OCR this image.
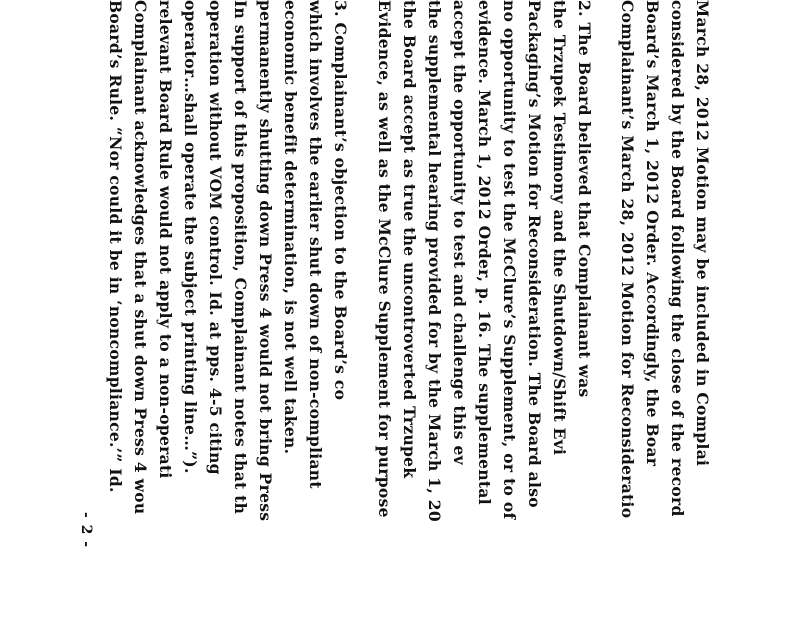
March 28, 2012 Motion may be included in Complai
considered by the Board following the close of the record
Board’s March 1, 2012 Order. Accordingly, the Boar
Complainant’s March 28, 2012 Motion for Reconsideratio
2. The Board believed that Complainant was
the Trzupek Testimony and the Shutdown/Shift Evi
Packaging’s Motion for Reconsideration. The Board also
no opportunity to test the McClure’s Supplement, or to of
evidence. March 1, 2012 Order, p. 16. The supplemental
accept the opportunity to test and challenge this ev
the supplemental hearing provided for by the March 1, 20
the Board accept as true the uncontroverted Trzupek
Evidence, as well as the McClure Supplement for purpose
3. Complainant’s objection to the Board’s co
which involves the earlier shut down of non-compliant
economic benefit determination, is not well taken.
permanently shutting down Press 4 would not bring Press
In support of this proposition, Complainant notes that th
operation without VOM control. Id. at pps. 4-5 citing
operator…shall operate the subject printing line…”).
relevant Board Rule would not apply to a non-operati
Complainant acknowledges that a shut down Press 4 wou
Board’s Rule. “Nor could it be in ‘noncompliance.’” Id.
- 2 -
